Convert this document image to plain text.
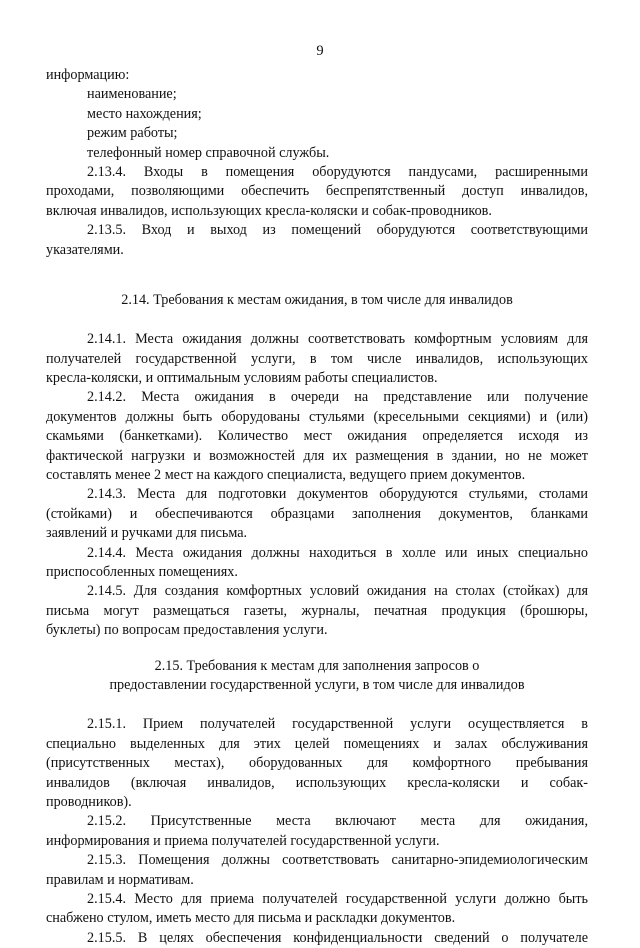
9
информацию:
наименование;
место нахождения;
режим работы;
телефонный номер справочной службы.
2.13.4. Входы в помещения оборудуются пандусами, расширенными
проходами, позволяющими обеспечить беспрепятственный доступ инвалидов,
включая инвалидов, использующих кресла-коляски и собак-проводников.
2.13.5. Вход и выход из помещений оборудуются соответствующими
указателями.
2.14. Требования к местам ожидания, в том числе для инвалидов
2.14.1. Места ожидания должны соответствовать комфортным условиям для
получателей государственной услуги, в том числе инвалидов, использующих
кресла-коляски, и оптимальным условиям работы специалистов.
2.14.2. Места ожидания в очереди на представление или получение
документов должны быть оборудованы стульями (кресельными секциями) и (или)
скамьями (банкетками). Количество мест ожидания определяется исходя из
фактической нагрузки и возможностей для их размещения в здании, но не может
составлять менее 2 мест на каждого специалиста, ведущего прием документов.
2.14.3. Места для подготовки документов оборудуются стульями, столами
(стойками) и обеспечиваются образцами заполнения документов, бланками
заявлений и ручками для письма.
2.14.4. Места ожидания должны находиться в холле или иных специально
приспособленных помещениях.
2.14.5. Для создания комфортных условий ожидания на столах (стойках) для
письма могут размещаться газеты, журналы, печатная продукция (брошюры,
буклеты) по вопросам предоставления услуги.
2.15. Требования к местам для заполнения запросов о
предоставлении государственной услуги, в том числе для инвалидов
2.15.1. Прием получателей государственной услуги осуществляется в
специально выделенных для этих целей помещениях и залах обслуживания
(присутственных местах), оборудованных для комфортного пребывания
инвалидов (включая инвалидов, использующих кресла-коляски и собак-
проводников).
2.15.2. Присутственные места включают места для ожидания,
информирования и приема получателей государственной услуги.
2.15.3. Помещения должны соответствовать санитарно-эпидемиологическим
правилам и нормативам.
2.15.4. Место для приема получателей государственной услуги должно быть
снабжено стулом, иметь место для письма и раскладки документов.
2.15.5. В целях обеспечения конфиденциальности сведений о получателе
